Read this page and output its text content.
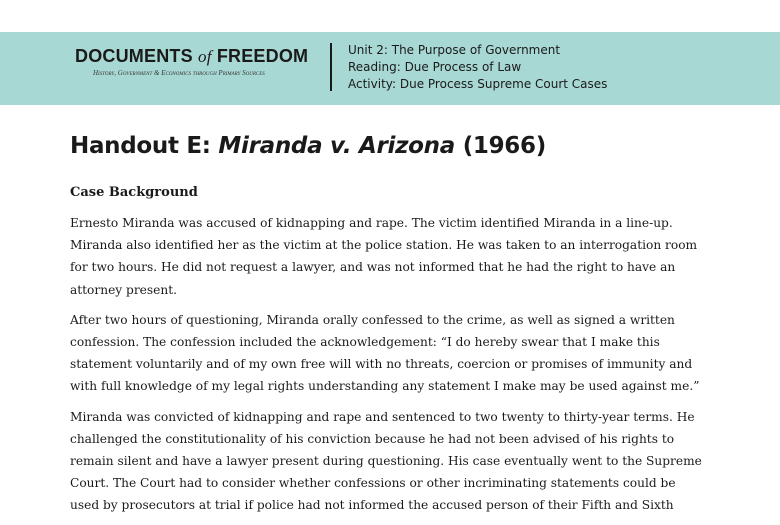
DOCUMENTS of FREEDOM
History, Government & Economics through Primary Sources
Unit 2: The Purpose of Government
Reading: Due Process of Law
Activity: Due Process Supreme Court Cases
Handout E: Miranda v. Arizona (1966)
Case Background
Ernesto Miranda was accused of kidnapping and rape. The victim identified Miranda in a line-up.
Miranda also identified her as the victim at the police station. He was taken to an interrogation room
for two hours. He did not request a lawyer, and was not informed that he had the right to have an
attorney present.
After two hours of questioning, Miranda orally confessed to the crime, as well as signed a written
confession. The confession included the acknowledgement: “I do hereby swear that I make this
statement voluntarily and of my own free will with no threats, coercion or promises of immunity and
with full knowledge of my legal rights understanding any statement I make may be used against me.”
Miranda was convicted of kidnapping and rape and sentenced to two twenty to thirty-year terms. He
challenged the constitutionality of his conviction because he had not been advised of his rights to
remain silent and have a lawyer present during questioning. His case eventually went to the Supreme
Court. The Court had to consider whether confessions or other incriminating statements could be
used by prosecutors at trial if police had not informed the accused person of their Fifth and Sixth
